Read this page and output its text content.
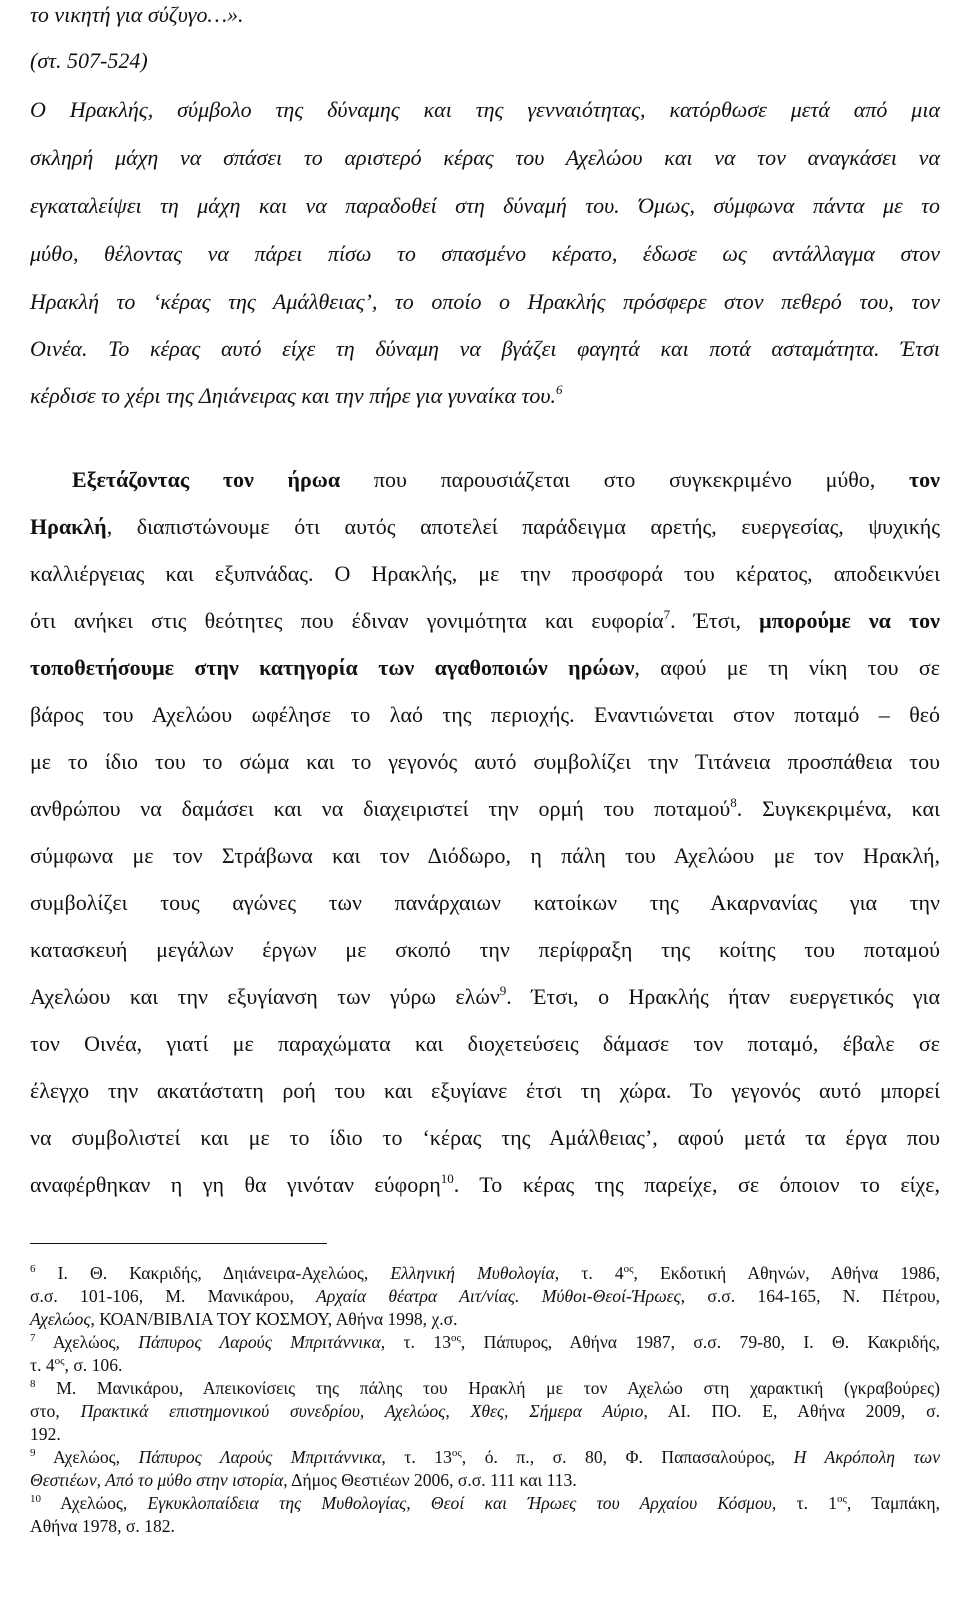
το νικητή για σύζυγο…».
(στ. 507-524)
Ο Ηρακλής, σύμβολο της δύναμης και της γενναιότητας, κατόρθωσε μετά από μια
σκληρή μάχη να σπάσει το αριστερό κέρας του Αχελώου και να τον αναγκάσει να
εγκαταλείψει τη μάχη και να παραδοθεί στη δύναμή του. Όμως, σύμφωνα πάντα με το
μύθο, θέλοντας να πάρει πίσω το σπασμένο κέρατο, έδωσε ως αντάλλαγμα στον
Ηρακλή το ‘κέρας της Αμάλθειας’, το οποίο ο Ηρακλής πρόσφερε στον πεθερό του, τον
Οινέα. Το κέρας αυτό είχε τη δύναμη να βγάζει φαγητά και ποτά ασταμάτητα. Έτσι
κέρδισε το χέρι της Δηιάνειρας και την πήρε για γυναίκα του.$^6$
Εξετάζοντας τον ήρωα που παρουσιάζεται στο συγκεκριμένο μύθο, τον
Ηρακλή, διαπιστώνουμε ότι αυτός αποτελεί παράδειγμα αρετής, ευεργεσίας, ψυχικής
καλλιέργειας και εξυπνάδας. Ο Ηρακλής, με την προσφορά του κέρατος, αποδεικνύει
ότι ανήκει στις θεότητες που έδιναν γονιμότητα και ευφορία$^7$. Έτσι, μπορούμε να τον
τοποθετήσουμε στην κατηγορία των αγαθοποιών ηρώων, αφού με τη νίκη του σε
βάρος του Αχελώου ωφέλησε το λαό της περιοχής. Εναντιώνεται στον ποταμό – θεό
με το ίδιο του το σώμα και το γεγονός αυτό συμβολίζει την Τιτάνεια προσπάθεια του
ανθρώπου να δαμάσει και να διαχειριστεί την ορμή του ποταμού$^8$. Συγκεκριμένα, και
σύμφωνα με τον Στράβωνα και τον Διόδωρο, η πάλη του Αχελώου με τον Ηρακλή,
συμβολίζει τους αγώνες των πανάρχαιων κατοίκων της Ακαρνανίας για την
κατασκευή μεγάλων έργων με σκοπό την περίφραξη της κοίτης του ποταμού
Αχελώου και την εξυγίανση των γύρω ελών$^9$. Έτσι, ο Ηρακλής ήταν ευεργετικός για
τον Οινέα, γιατί με παραχώματα και διοχετεύσεις δάμασε τον ποταμό, έβαλε σε
έλεγχο την ακατάστατη ροή του και εξυγίανε έτσι τη χώρα. Το γεγονός αυτό μπορεί
να συμβολιστεί και με το ίδιο το ‘κέρας της Αμάλθειας’, αφού μετά τα έργα που
αναφέρθηκαν η γη θα γινόταν εύφορη$^{10}$. Το κέρας της παρείχε, σε όποιον το είχε,
$^6$ Ι. Θ. Κακριδής, Δηιάνειρα-Αχελώος, Ελληνική Μυθολογία, τ. $4^{o\varsigma}$, Εκδοτική Αθηνών, Αθήνα 1986,
σ.σ. 101-106, Μ. Μανικάρου, Αρχαία θέατρα Αιτ/νίας. Μύθοι-Θεοί-Ήρωες, σ.σ. 164-165, Ν. Πέτρου,
Αχελώος, ΚΟΑΝ/ΒΙΒΛΙΑ ΤΟΥ ΚΟΣΜΟΥ, Αθήνα 1998, χ.σ.
$^7$ Αχελώος, Πάπυρος Λαρούς Μπριτάννικα, τ. $13^{o\varsigma}$, Πάπυρος, Αθήνα 1987, σ.σ. 79-80, Ι. Θ. Κακριδής,
τ. $4^{o\varsigma}$, σ. 106.
$^8$ Μ. Μανικάρου, Απεικονίσεις της πάλης του Ηρακλή με τον Αχελώο στη χαρακτική (γκραβούρες)
στο, Πρακτικά επιστημονικού συνεδρίου, Αχελώος, Χθες, Σήμερα Αύριο, ΑΙ. ΠΟ. Ε, Αθήνα 2009, σ.
192.
$^9$ Αχελώος, Πάπυρος Λαρούς Μπριτάννικα, τ. $13^{o\varsigma}$, ό. π., σ. 80, Φ. Παπασαλούρος, Η Ακρόπολη των
Θεστιέων, Από το μύθο στην ιστορία, Δήμος Θεστιέων 2006, σ.σ. 111 και 113.
$^{10}$ Αχελώος, Εγκυκλοπαίδεια της Μυθολογίας, Θεοί και Ήρωες του Αρχαίου Κόσμου, τ. $1^{o\varsigma}$, Ταμπάκη,
Αθήνα 1978, σ. 182.
